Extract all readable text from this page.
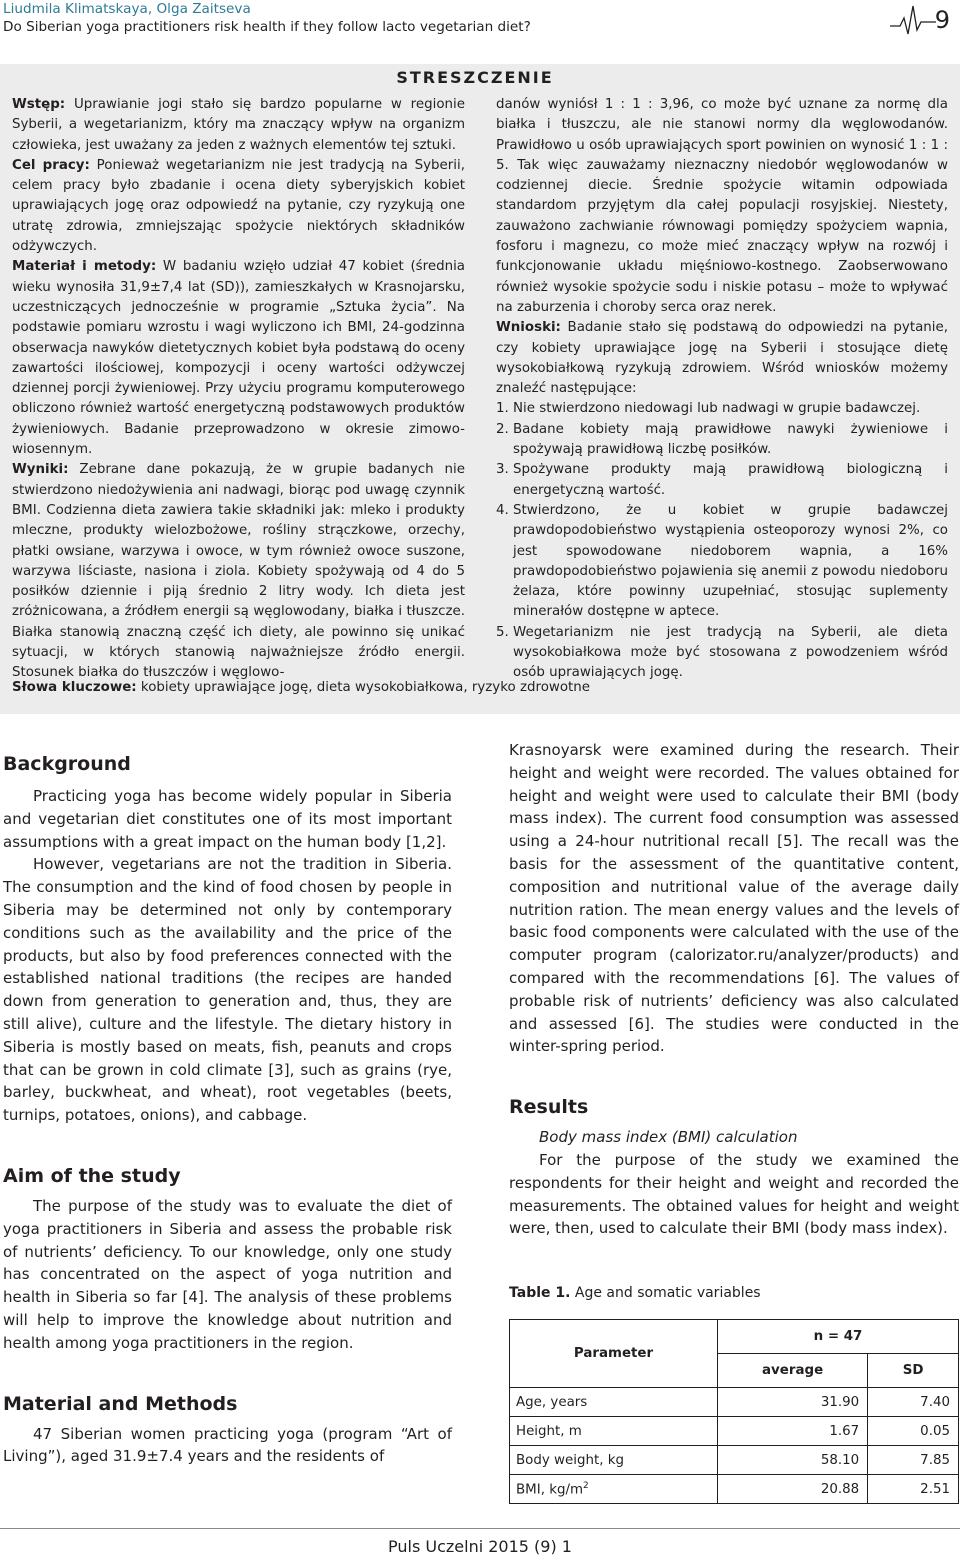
Liudmila Klimatskaya, Olga Zaitseva
Do Siberian yoga practitioners risk health if they follow lacto vegetarian diet?	9
STRESZCZENIE

Wstęp: Uprawianie jogi stało się bardzo popularne w regionie Syberii, a wegetarianizm, który ma znaczący wpływ na organizm człowieka, jest uważany za jeden z ważnych elementów tej sztuki.

Cel pracy: Ponieważ wegetarianizm nie jest tradycją na Syberii, celem pracy było zbadanie i ocena diety syberyjskich kobiet uprawiających jogę oraz odpowiedź na pytanie, czy ryzykują one utratę zdrowia, zmniejszając spożycie niektórych składników odżywczych.

Materiał i metody: W badaniu wzięło udział 47 kobiet (średnia wieku wynosiła 31,9±7,4 lat (SD)), zamieszkałych w Krasnojarsku, uczestniczących jednocześnie w programie „Sztuka życia”. Na podstawie pomiaru wzrostu i wagi wyliczono ich BMI, 24-godzinna obserwacja nawyków dietetycznych kobiet była podstawą do oceny zawartości ilościowej, kompozycji i oceny wartości odżywczej dziennej porcji żywieniowej. Przy użyciu programu komputerowego obliczono również wartość energetyczną podstawowych produktów żywieniowych. Badanie przeprowadzono w okresie zimowo-wiosennym.

Wyniki: Zebrane dane pokazują, że w grupie badanych nie stwierdzono niedożywienia ani nadwagi, biorąc pod uwagę czynnik BMI. Codzienna dieta zawiera takie składniki jak: mleko i produkty mleczne, produkty wielozbożowe, rośliny strączkowe, orzechy, płatki owsiane, warzywa i owoce, w tym również owoce suszone, warzywa liściaste, nasiona i ziola. Kobiety spożywają od 4 do 5 posiłków dziennie i piją średnio 2 litry wody. Ich dieta jest zróżnicowana, a źródłem energii są węglowodany, białka i tłuszcze. Białka stanowią znaczną część ich diety, ale powinno się unikać sytuacji, w których stanowią najważniejsze źródło energii. Stosunek białka do tłuszczów i węglowo-

danów wyniósł 1 : 1 : 3,96, co może być uznane za normę dla białka i tłuszczu, ale nie stanowi normy dla węglowodanów. Prawidłowo u osób uprawiających sport powinien on wynosić 1 : 1 : 5. Tak więc zauważamy nieznaczny niedobór węglowodanów w codziennej diecie. Średnie spożycie witamin odpowiada standardom przyjętym dla całej populacji rosyjskiej. Niestety, zauważono zachwianie równowagi pomiędzy spożyciem wapnia, fosforu i magnezu, co może mieć znaczący wpływ na rozwój i funkcjonowanie układu mięśniowo-kostnego. Zaobserwowano również wysokie spożycie sodu i niskie potasu – może to wpływać na zaburzenia i choroby serca oraz nerek.

Wnioski: Badanie stało się podstawą do odpowiedzi na pytanie, czy kobiety uprawiające jogę na Syberii i stosujące dietę wysokobiałkową ryzykują zdrowiem. Wśród wniosków możemy znaleźć następujące:

1. Nie stwierdzono niedowagi lub nadwagi w grupie badawczej.
2. Badane kobiety mają prawidłowe nawyki żywieniowe i spożywają prawidłową liczbę posiłków.
3. Spożywane produkty mają prawidłową biologiczną i energetyczną wartość.
4. Stwierdzono, że u kobiet w grupie badawczej prawdopodobieństwo wystąpienia osteoporozy wynosi 2%, co jest spowodowane niedoborem wapnia, a 16% prawdopodobieństwo pojawienia się anemii z powodu niedoboru żelaza, które powinny uzupełniać, stosując suplementy minerałów dostępne w aptece.
5. Wegetarianizm nie jest tradycją na Syberii, ale dieta wysokobiałkowa może być stosowana z powodzeniem wśród osób uprawiających jogę.
Słowa kluczowe: kobiety uprawiające jogę, dieta wysokobiałkowa, ryzyko zdrowotne
Background

Practicing yoga has become widely popular in Siberia and vegetarian diet constitutes one of its most important assumptions with a great impact on the human body [1,2].

However, vegetarians are not the tradition in Siberia. The consumption and the kind of food chosen by people in Siberia may be determined not only by contemporary conditions such as the availability and the price of the products, but also by food preferences connected with the established national traditions (the recipes are handed down from generation to generation and, thus, they are still alive), culture and the lifestyle. The dietary history in Siberia is mostly based on meats, fish, peanuts and crops that can be grown in cold climate [3], such as grains (rye, barley, buckwheat, and wheat), root vegetables (beets, turnips, potatoes, onions), and cabbage.

Aim of the study

The purpose of the study was to evaluate the diet of yoga practitioners in Siberia and assess the probable risk of nutrients’ deficiency. To our knowledge, only one study has concentrated on the aspect of yoga nutrition and health in Siberia so far [4]. The analysis of these problems will help to improve the knowledge about nutrition and health among yoga practitioners in the region.

Material and Methods

47 Siberian women practicing yoga (program “Art of Living”), aged 31.9±7.4 years and the residents of

Krasnoyarsk were examined during the research. Their height and weight were recorded. The values obtained for height and weight were used to calculate their BMI (body mass index). The current food consumption was assessed using a 24-hour nutritional recall [5]. The recall was the basis for the assessment of the quantitative content, composition and nutritional value of the average daily nutrition ration. The mean energy values and the levels of basic food components were calculated with the use of the computer program (calorizator.ru/analyzer/products) and compared with the recommendations [6]. The values of probable risk of nutrients’ deficiency was also calculated and assessed [6]. The studies were conducted in the winter-spring period.

Results

Body mass index (BMI) calculation

For the purpose of the study we examined the respondents for their height and weight and recorded the measurements. The obtained values for height and weight were, then, used to calculate their BMI (body mass index).

Table 1. Age and somatic variables
Parameter	n = 47	
	average	SD
Age, years	31.90	7.40
Height, m	1.67	0.05
Body weight, kg	58.10	7.85
BMI, $kg/m^2$	20.88	2.51
Puls Uczelni 2015 (9) 1
